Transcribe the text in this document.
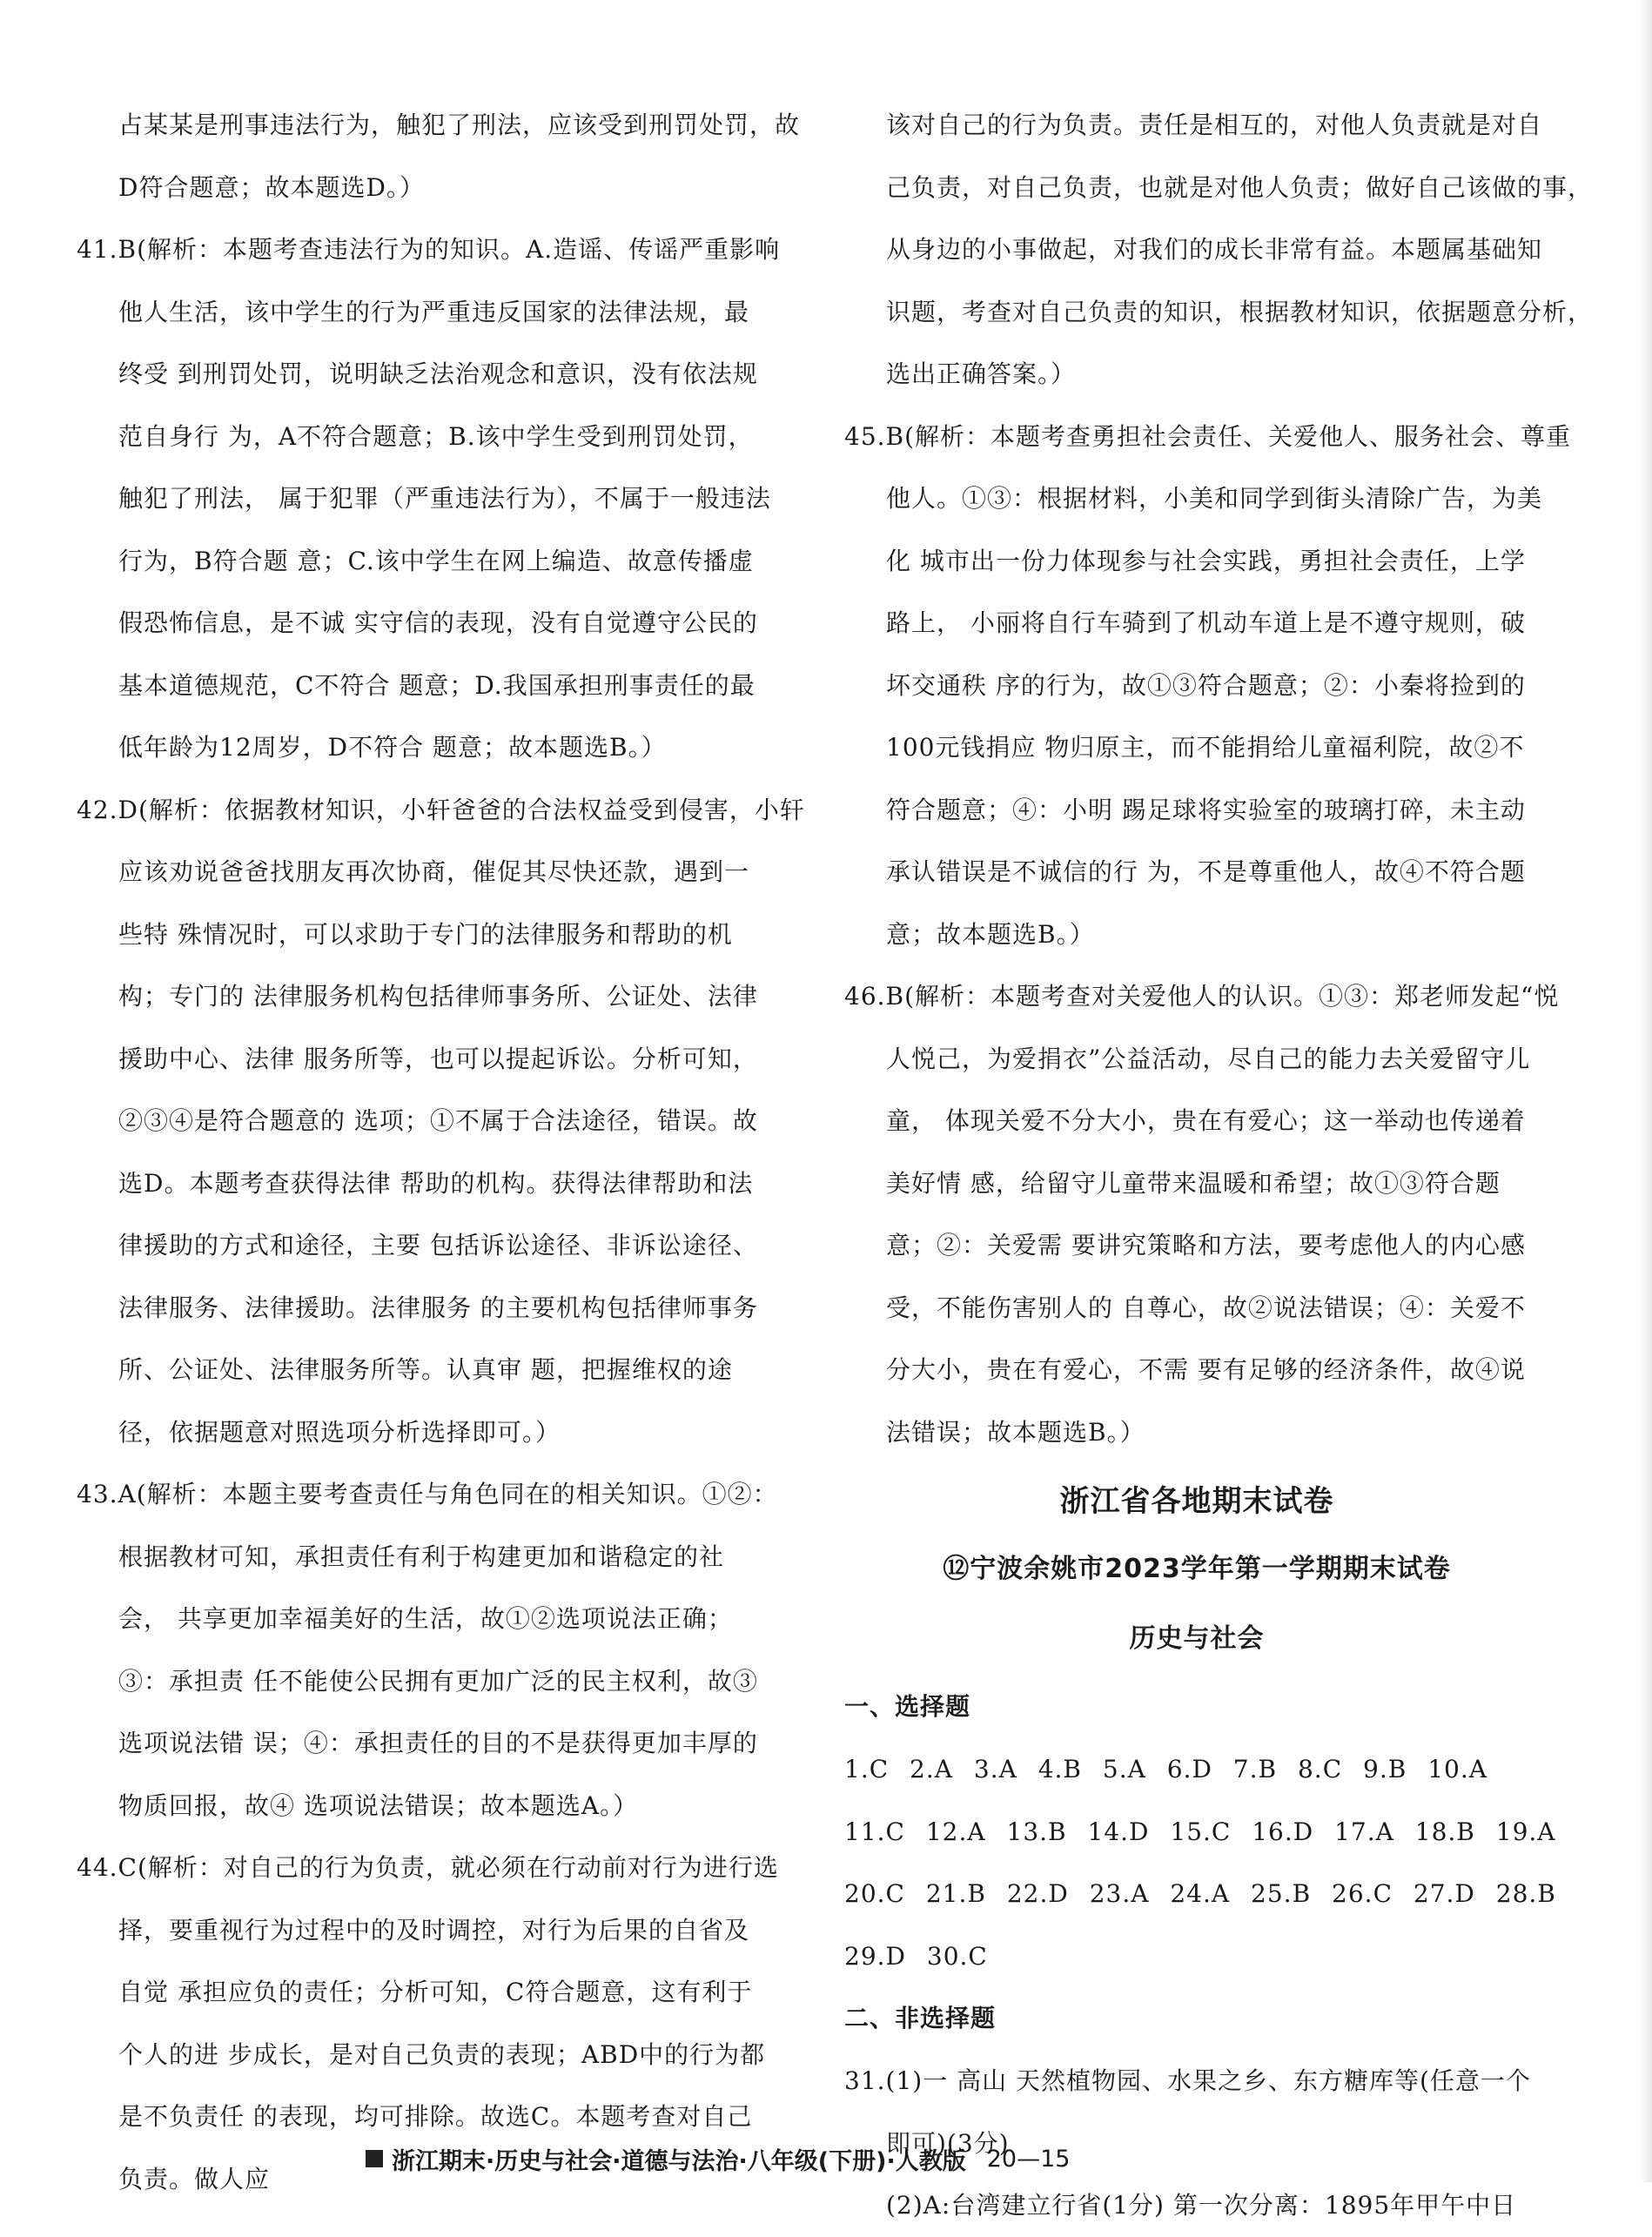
占某某是刑事违法行为，触犯了刑法，应该受到刑罚处罚，故
D符合题意；故本题选D。）
41.B(解析：本题考查违法行为的知识。A.造谣、传谣严重影响
他人生活，该中学生的行为严重违反国家的法律法规，最终受 到刑罚处罚，说明缺乏法治观念和意识，没有依法规范自身行 为，A不符合题意；B.该中学生受到刑罚处罚，触犯了刑法， 属于犯罪（严重违法行为），不属于一般违法行为，B符合题 意；C.该中学生在网上编造、故意传播虚假恐怖信息，是不诚 实守信的表现，没有自觉遵守公民的基本道德规范，C不符合 题意；D.我国承担刑事责任的最低年龄为12周岁，D不符合 题意；故本题选B。）
42.D(解析：依据教材知识，小轩爸爸的合法权益受到侵害，小轩
应该劝说爸爸找朋友再次协商，催促其尽快还款，遇到一些特 殊情况时，可以求助于专门的法律服务和帮助的机构；专门的 法律服务机构包括律师事务所、公证处、法律援助中心、法律 服务所等，也可以提起诉讼。分析可知，②③④是符合题意的 选项；①不属于合法途径，错误。故选D。本题考查获得法律 帮助的机构。获得法律帮助和法律援助的方式和途径，主要 包括诉讼途径、非诉讼途径、法律服务、法律援助。法律服务 的主要机构包括律师事务所、公证处、法律服务所等。认真审 题，把握维权的途径，依据题意对照选项分析选择即可。）
43.A(解析：本题主要考查责任与角色同在的相关知识。①②：
根据教材可知，承担责任有利于构建更加和谐稳定的社会， 共享更加幸福美好的生活，故①②选项说法正确；③：承担责 任不能使公民拥有更加广泛的民主权利，故③选项说法错 误；④：承担责任的目的不是获得更加丰厚的物质回报，故④ 选项说法错误；故本题选A。）
44.C(解析：对自己的行为负责，就必须在行动前对行为进行选
择，要重视行为过程中的及时调控，对行为后果的自省及自觉 承担应负的责任；分析可知，C符合题意，这有利于个人的进 步成长，是对自己负责的表现；ABD中的行为都是不负责任 的表现，均可排除。故选C。本题考查对自己负责。做人应
该对自己的行为负责。责任是相互的，对他人负责就是对自
己负责，对自己负责，也就是对他人负责；做好自己该做的事，
从身边的小事做起，对我们的成长非常有益。本题属基础知
识题，考查对自己负责的知识，根据教材知识，依据题意分析，
选出正确答案。）
45.B(解析：本题考查勇担社会责任、关爱他人、服务社会、尊重
他人。①③：根据材料，小美和同学到街头清除广告，为美化 城市出一份力体现参与社会实践，勇担社会责任，上学路上， 小丽将自行车骑到了机动车道上是不遵守规则，破坏交通秩 序的行为，故①③符合题意；②：小秦将捡到的100元钱捐应 物归原主，而不能捐给儿童福利院，故②不符合题意；④：小明 踢足球将实验室的玻璃打碎，未主动承认错误是不诚信的行 为，不是尊重他人，故④不符合题意；故本题选B。）
46.B(解析：本题考查对关爱他人的认识。①③：郑老师发起“悦
人悦己，为爱捐衣”公益活动，尽自己的能力去关爱留守儿童， 体现关爱不分大小，贵在有爱心；这一举动也传递着美好情 感，给留守儿童带来温暖和希望；故①③符合题意；②：关爱需 要讲究策略和方法，要考虑他人的内心感受，不能伤害别人的 自尊心，故②说法错误；④：关爱不分大小，贵在有爱心，不需 要有足够的经济条件，故④说法错误；故本题选B。）
浙江省各地期末试卷
⑫宁波余姚市2023学年第一学期期末试卷
历史与社会
一、选择题
1.C 2.A 3.A 4.B 5.A 6.D 7.B 8.C 9.B 10.A
11.C 12.A 13.B 14.D 15.C 16.D 17.A 18.B 19.A
20.C 21.B 22.D 23.A 24.A 25.B 26.C 27.D 28.B
29.D 30.C
二、非选择题
31.(1)一 高山 天然植物园、水果之乡、东方糖库等(任意一个
即可)(3分)
(2)A:台湾建立行省(1分) 第一次分离：1895年甲午中日
浙江期末·历史与社会·道德与法治·八年级(下册)·人教版 20—15
